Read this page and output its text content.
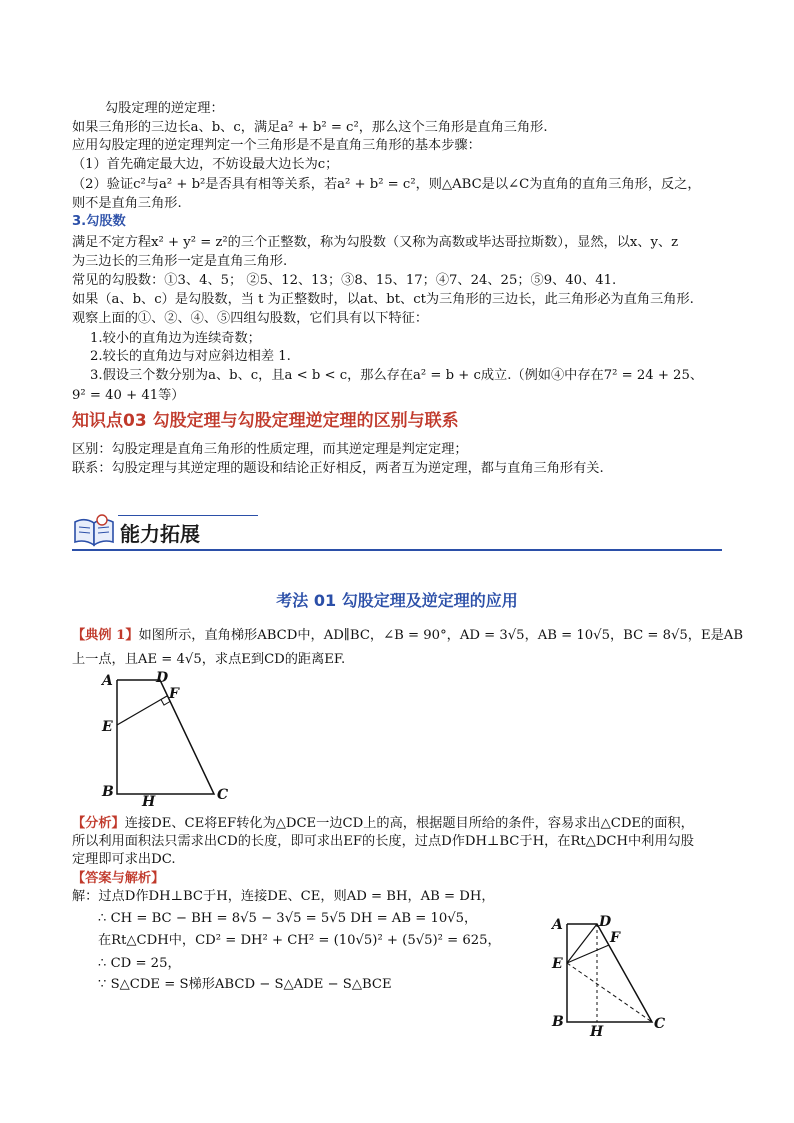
勾股定理的逆定理：
如果三角形的三边长a、b、c，满足a² + b² = c²，那么这个三角形是直角三角形.
应用勾股定理的逆定理判定一个三角形是不是直角三角形的基本步骤：
（1）首先确定最大边，不妨设最大边长为c；
（2）验证c²与a² + b²是否具有相等关系，若a² + b² = c²，则△ABC是以∠C为直角的直角三角形，反之，
则不是直角三角形.
3.勾股数
满足不定方程x² + y² = z²的三个正整数，称为勾股数（又称为高数或毕达哥拉斯数），显然，以x、y、z
为三边长的三角形一定是直角三角形.
常见的勾股数：①3、4、5； ②5、12、13；③8、15、17；④7、24、25；⑤9、40、41.
如果（a、b、c）是勾股数，当 t 为正整数时，以at、bt、ct为三角形的三边长，此三角形必为直角三角形.
观察上面的①、②、④、⑤四组勾股数，它们具有以下特征：
1.较小的直角边为连续奇数；
2.较长的直角边与对应斜边相差 1.
3.假设三个数分别为a、b、c，且a < b < c，那么存在a² = b + c成立.（例如④中存在7² = 24 + 25、
9² = 40 + 41等）
知识点03 勾股定理与勾股定理逆定理的区别与联系
区别：勾股定理是直角三角形的性质定理，而其逆定理是判定定理；
联系：勾股定理与其逆定理的题设和结论正好相反，两者互为逆定理，都与直角三角形有关.
能力拓展
考法 01 勾股定理及逆定理的应用
【典例 1】如图所示，直角梯形ABCD中，AD∥BC，∠B = 90°，AD = 3√5，AB = 10√5，BC = 8√5，E是AB
上一点，且AE = 4√5，求点E到CD的距离EF.
A	D
F
E
B
H	C
【分析】连接DE、CE将EF转化为△DCE一边CD上的高，根据题目所给的条件，容易求出△CDE的面积，
所以利用面积法只需求出CD的长度，即可求出EF的长度，过点D作DH⊥BC于H，在Rt△DCH中利用勾股
定理即可求出DC.
【答案与解析】
解：过点D作DH⊥BC于H，连接DE、CE，则AD = BH，AB = DH，
∴ CH = BC − BH = 8√5 − 3√5 = 5√5 DH = AB = 10√5，
在Rt△CDH中，CD² = DH² + CH² = (10√5)² + (5√5)² = 625，
∴ CD = 25，
∵ S△CDE = S梯形ABCD − S△ADE − S△BCE
A	D
F
E
B
H	C
